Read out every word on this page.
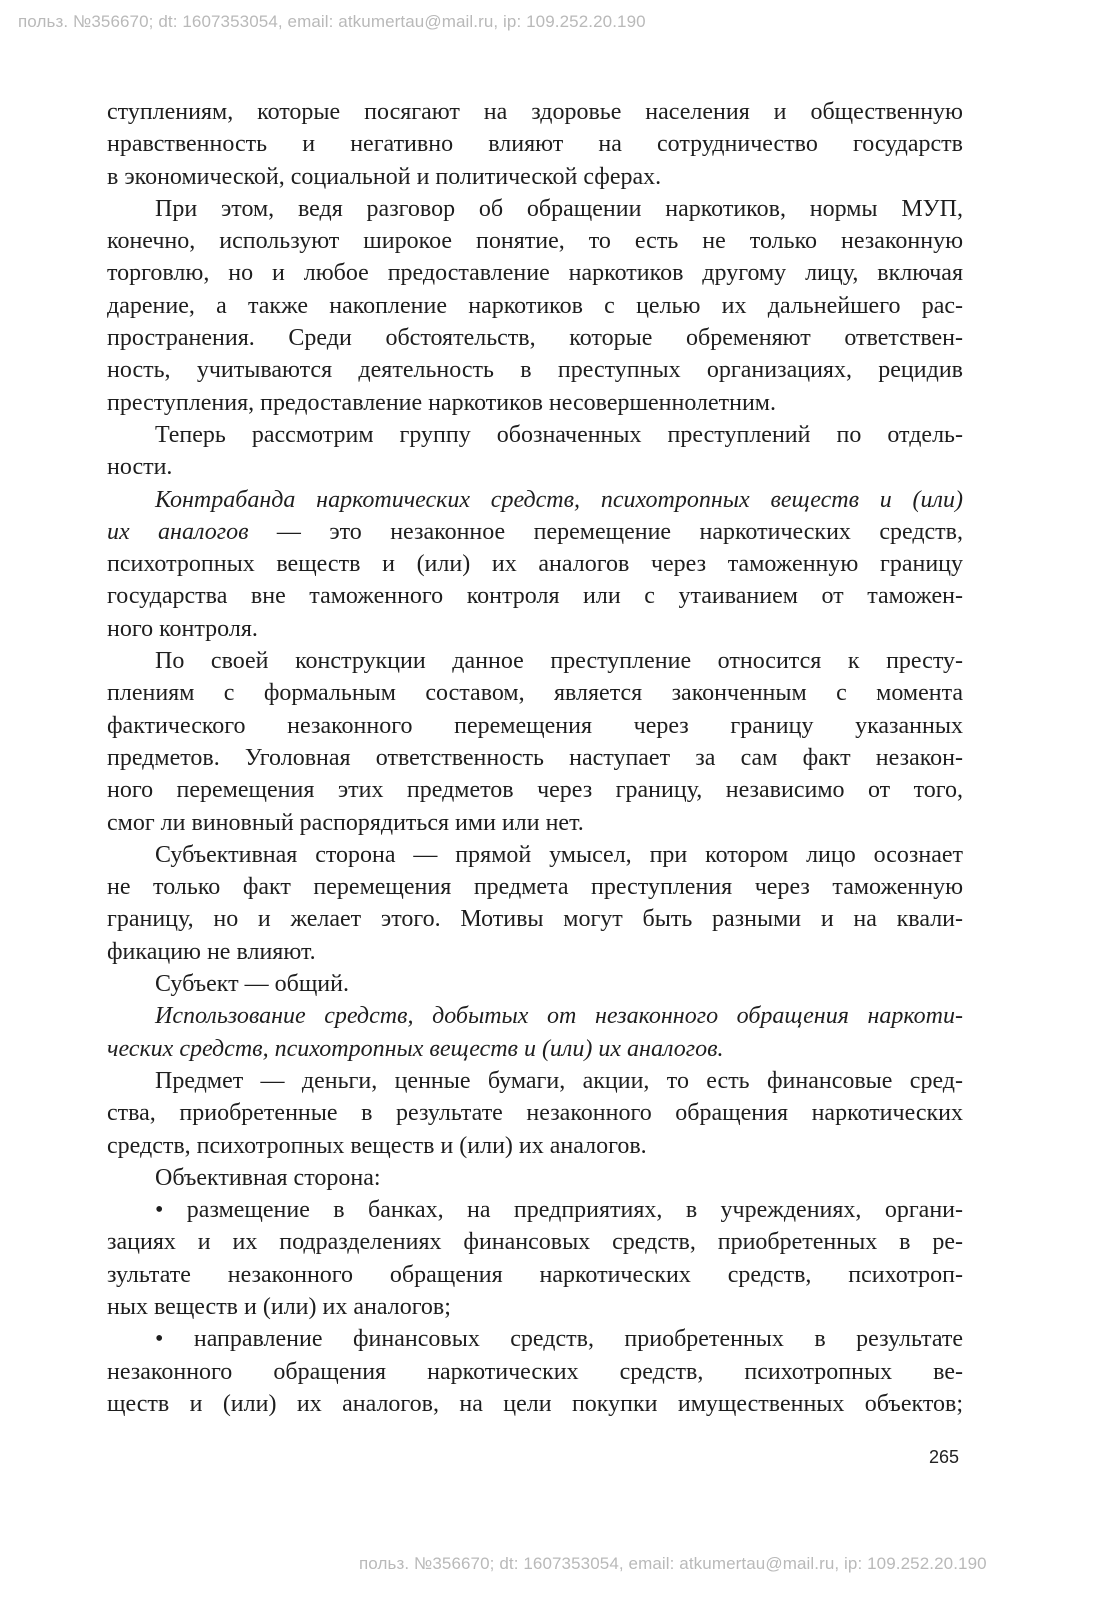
польз. №356670; dt: 1607353054, email: atkumertau@mail.ru, ip: 109.252.20.190
ступлениям, которые посягают на здоровье населения и общественную
нравственность и негативно влияют на сотрудничество государств
в экономической, социальной и политической сферах.
При этом, ведя разговор об обращении наркотиков, нормы МУП,
конечно, используют широкое понятие, то есть не только незаконную
торговлю, но и любое предоставление наркотиков другому лицу, включая
дарение, а также накопление наркотиков с целью их дальнейшего рас-
пространения. Среди обстоятельств, которые обременяют ответствен-
ность, учитываются деятельность в преступных организациях, рецидив
преступления, предоставление наркотиков несовершеннолетним.
Теперь рассмотрим группу обозначенных преступлений по отдель-
ности.
Контрабанда наркотических средств, психотропных веществ и (или)
их аналогов — это незаконное перемещение наркотических средств,
психотропных веществ и (или) их аналогов через таможенную границу
государства вне таможенного контроля или с утаиванием от таможен-
ного контроля.
По своей конструкции данное преступление относится к престу-
плениям с формальным составом, является законченным с момента
фактического незаконного перемещения через границу указанных
предметов. Уголовная ответственность наступает за сам факт незакон-
ного перемещения этих предметов через границу, независимо от того,
смог ли виновный распорядиться ими или нет.
Субъективная сторона — прямой умысел, при котором лицо осознает
не только факт перемещения предмета преступления через таможенную
границу, но и желает этого. Мотивы могут быть разными и на квали-
фикацию не влияют.
Субъект — общий.
Использование средств, добытых от незаконного обращения наркоти-
ческих средств, психотропных веществ и (или) их аналогов.
Предмет — деньги, ценные бумаги, акции, то есть финансовые сред-
ства, приобретенные в результате незаконного обращения наркотических
средств, психотропных веществ и (или) их аналогов.
Объективная сторона:
• размещение в банках, на предприятиях, в учреждениях, органи-
зациях и их подразделениях финансовых средств, приобретенных в ре-
зультате незаконного обращения наркотических средств, психотроп-
ных веществ и (или) их аналогов;
• направление финансовых средств, приобретенных в результате
незаконного обращения наркотических средств, психотропных ве-
ществ и (или) их аналогов, на цели покупки имущественных объектов;
265
польз. №356670; dt: 1607353054, email: atkumertau@mail.ru, ip: 109.252.20.190
